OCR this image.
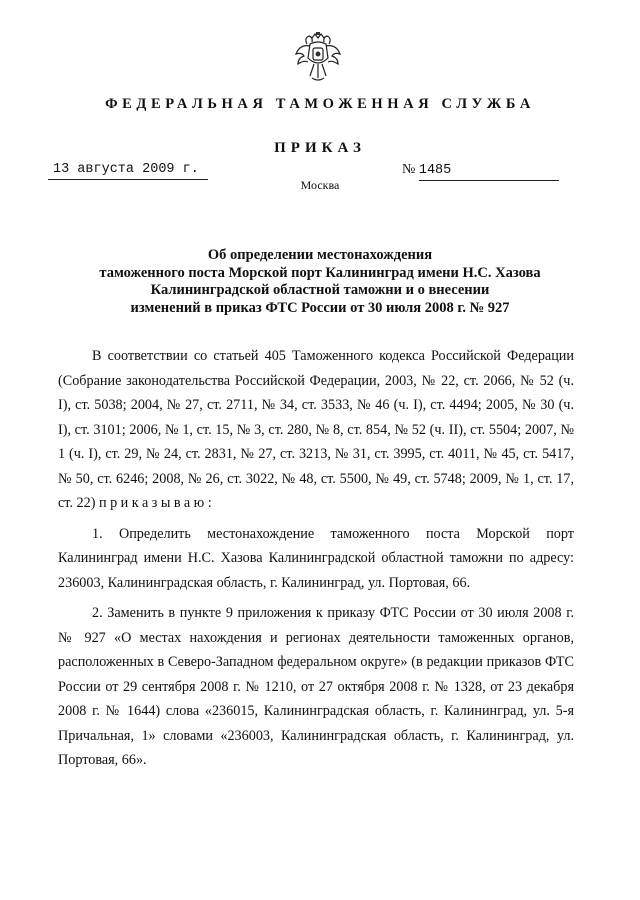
ФЕДЕРАЛЬНАЯ ТАМОЖЕННАЯ СЛУЖБА
ПРИКАЗ
13 августа 2009 г.	№ 1485
Москва
Об определении местонахождения
таможенного поста Морской порт Калининград имени Н.С. Хазова
Калининградской областной таможни и о внесении
изменений в приказ ФТС России от 30 июля 2008 г. № 927

В соответствии со статьей 405 Таможенного кодекса Российской Федерации (Собрание законодательства Российской Федерации, 2003, № 22, ст. 2066, № 52 (ч. I), ст. 5038; 2004, № 27, ст. 2711, № 34, ст. 3533, № 46 (ч. I), ст. 4494; 2005, № 30 (ч. I), ст. 3101; 2006, № 1, ст. 15, № 3, ст. 280, № 8, ст. 854, № 52 (ч. II), ст. 5504; 2007, № 1 (ч. I), ст. 29, № 24, ст. 2831, № 27, ст. 3213, № 31, ст. 3995, ст. 4011, № 45, ст. 5417, № 50, ст. 6246; 2008, № 26, ст. 3022, № 48, ст. 5500, № 49, ст. 5748; 2009, № 1, ст. 17, ст. 22) приказываю:

1. Определить местонахождение таможенного поста Морской порт Калининград имени Н.С. Хазова Калининградской областной таможни по адресу: 236003, Калининградская область, г. Калининград, ул. Портовая, 66.

2. Заменить в пункте 9 приложения к приказу ФТС России от 30 июля 2008 г. № 927 «О местах нахождения и регионах деятельности таможенных органов, расположенных в Северо-Западном федеральном округе» (в редакции приказов ФТС России от 29 сентября 2008 г. № 1210, от 27 октября 2008 г. № 1328, от 23 декабря 2008 г. № 1644) слова «236015, Калининградская область, г. Калининград, ул. 5-я Причальная, 1» словами «236003, Калининградская область, г. Калининград, ул. Портовая, 66».
